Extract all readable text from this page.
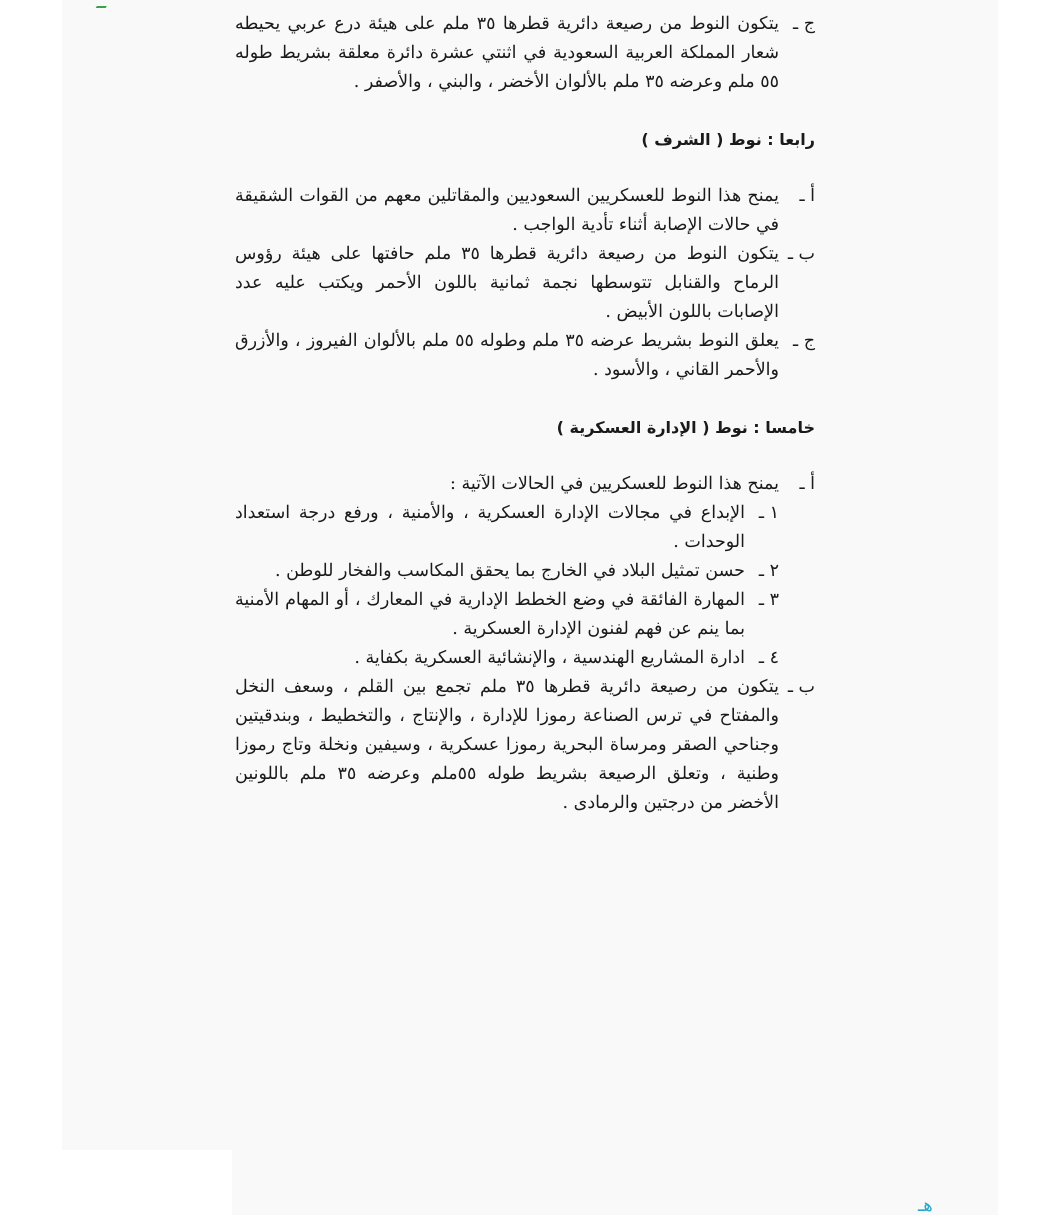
ج ـ
يتكون النوط من رصيعة دائرية قطرها ٣٥ ملم على هيئة درع عربي يحيطه شعار المملكة العربية السعودية في اثنتي عشرة دائرة معلقة بشريط طوله ٥٥ ملم وعرضه ٣٥ ملم بالألوان الأخضر ، والبني ، والأصفر .
رابعا : نوط ( الشرف )
أ ـ
يمنح هذا النوط للعسكريين السعوديين والمقاتلين معهم من القوات الشقيقة في حالات الإصابة أثناء تأدية الواجب .
ب ـ
يتكون النوط من رصيعة دائرية قطرها ٣٥ ملم حافتها على هيئة رؤوس الرماح والقنابل تتوسطها نجمة ثمانية باللون الأحمر ويكتب عليه عدد الإصابات باللون الأبيض .
ج ـ
يعلق النوط بشريط عرضه ٣٥ ملم وطوله ٥٥ ملم بالألوان الفيروز ، والأزرق والأحمر القاني ، والأسود .
خامسا : نوط ( الإدارة العسكرية )
أ ـ
يمنح هذا النوط للعسكريين في الحالات الآتية :
١ ـ
الإبداع في مجالات الإدارة العسكرية ، والأمنية ، ورفع درجة استعداد الوحدات .
٢ ـ
حسن تمثيل البلاد في الخارج بما يحقق المكاسب والفخار للوطن .
٣ ـ
المهارة الفائقة في وضع الخطط الإدارية في المعارك ، أو المهام الأمنية بما ينم عن فهم لفنون الإدارة العسكرية .
٤ ـ
ادارة المشاريع الهندسية ، والإنشائية العسكرية بكفاية .
ب ـ
يتكون من رصيعة دائرية قطرها ٣٥ ملم تجمع بين القلم ، وسعف النخل والمفتاح في ترس الصناعة رموزا للإدارة ، والإنتاج ، والتخطيط ، وبندقيتين وجناحي الصقر ومرساة البحرية رموزا عسكرية ، وسيفين ونخلة وتاج رموزا وطنية ، وتعلق الرصيعة بشريط طوله ٥٥ملم وعرضه ٣٥ ملم باللونين الأخضر من درجتين والرمادى .
هـ
